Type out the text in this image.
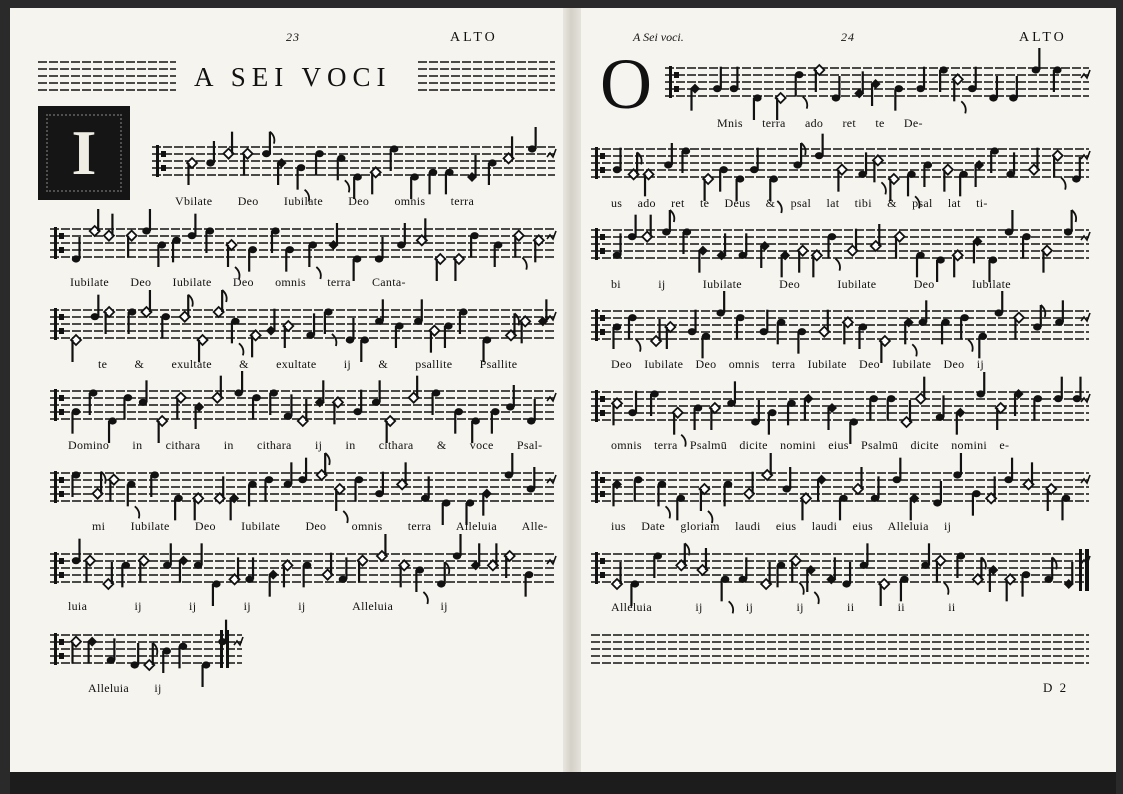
23	ALTO
A SEI VOCI
I
Vbilate Deo Iubilate Deo omnis terra
Iubilate Deo Iubilate Deo omnis terra Canta-
te & exultate & exultate ij & psallite Psallite
Domino in cithara in cithara ij in cithara & voce Psal-
mi Iubilate Deo Iubilate Deo omnis terra Alleluia Alle-
luia ij ij ij ij Alleluia ij
Alleluia ij
A Sei voci.	24	ALTO
O	Mnis terra ado ret te De-
us ado ret te Deus & psal lat tibi & psal lat ti-
bi ij Iubilate Deo Iubilate Deo Iubilate
Deo Iubilate Deo omnis terra Iubilate Deo Iubilate Deo ij
omnis terra Psalmū dicite nomini eius Psalmū dicite nomini e-
ius Date gloriam laudi eius laudi eius Alleluia ij
Alleluia ij ij ij ii ii ii
D 2
